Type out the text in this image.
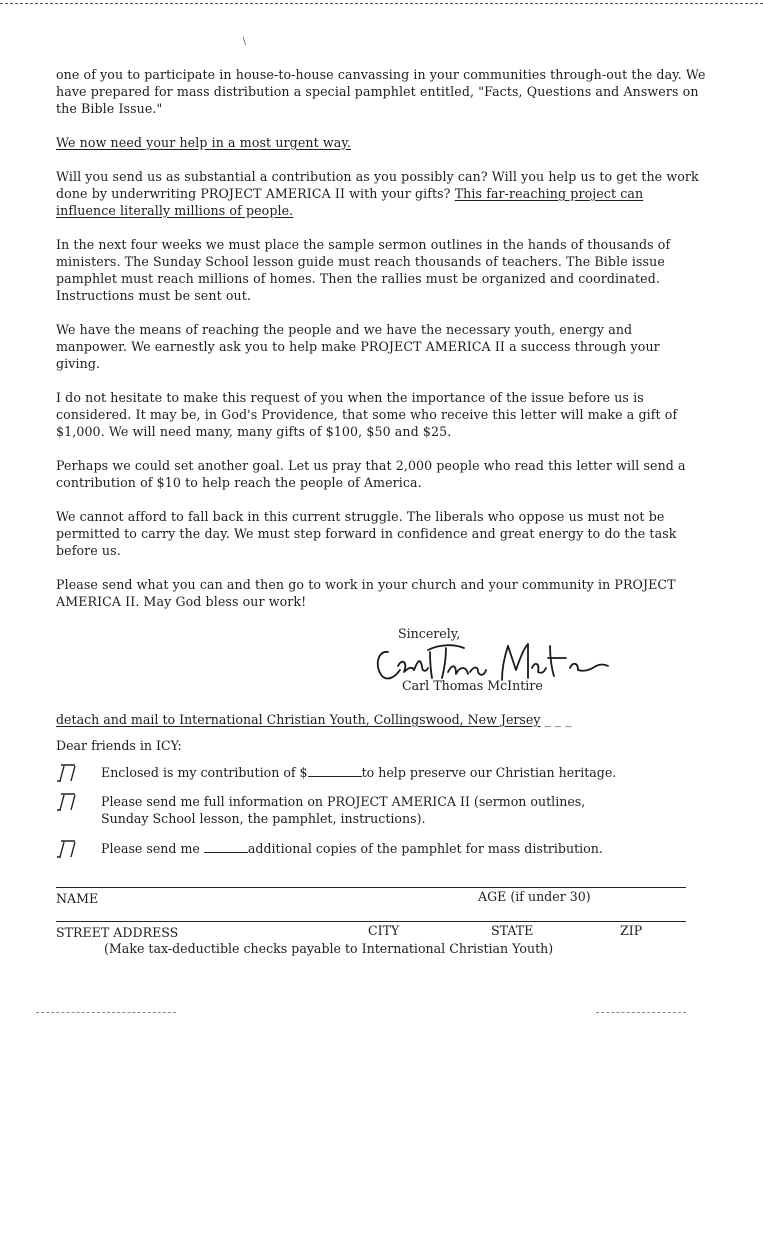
/

one of you to participate in house-to-house canvassing in your communities through-out the day. We have prepared for mass distribution a special pamphlet entitled, "Facts, Questions and Answers on the Bible Issue."

We now need your help in a most urgent way.

Will you send us as substantial a contribution as you possibly can? Will you help us to get the work done by underwriting PROJECT AMERICA II with your gifts? This far-reaching project can influence literally millions of people.

In the next four weeks we must place the sample sermon outlines in the hands of thousands of ministers. The Sunday School lesson guide must reach thousands of teachers. The Bible issue pamphlet must reach millions of homes. Then the rallies must be organized and coordinated. Instructions must be sent out.

We have the means of reaching the people and we have the necessary youth, energy and manpower. We earnestly ask you to help make PROJECT AMERICA II a success through your giving.

I do not hesitate to make this request of you when the importance of the issue before us is considered. It may be, in God's Providence, that some who receive this letter will make a gift of $1,000. We will need many, many gifts of $100, $50 and $25.

Perhaps we could set another goal. Let us pray that 2,000 people who read this letter will send a contribution of $10 to help reach the people of America.

We cannot afford to fall back in this current struggle. The liberals who oppose us must not be permitted to carry the day. We must step forward in confidence and great energy to do the task before us.

Please send what you can and then go to work in your church and your community in PROJECT AMERICA II. May God bless our work!

Sincerely,
Carl Thomas McIntire
Carl Thomas McIntire
detach and mail to International Christian Youth, Collingswood, New Jersey _ _ _
Dear friends in ICY:
Enclosed is my contribution of $	to help preserve our Christian heritage.
Please send me full information on PROJECT AMERICA II (sermon outlines,
Sunday School lesson, the pamphlet, instructions).
Please send me	additional copies of the pamphlet for mass distribution.
NAME	AGE (if under 30)
STREET ADDRESS	CITY	STATE	ZIP
(Make tax-deductible checks payable to International Christian Youth)
